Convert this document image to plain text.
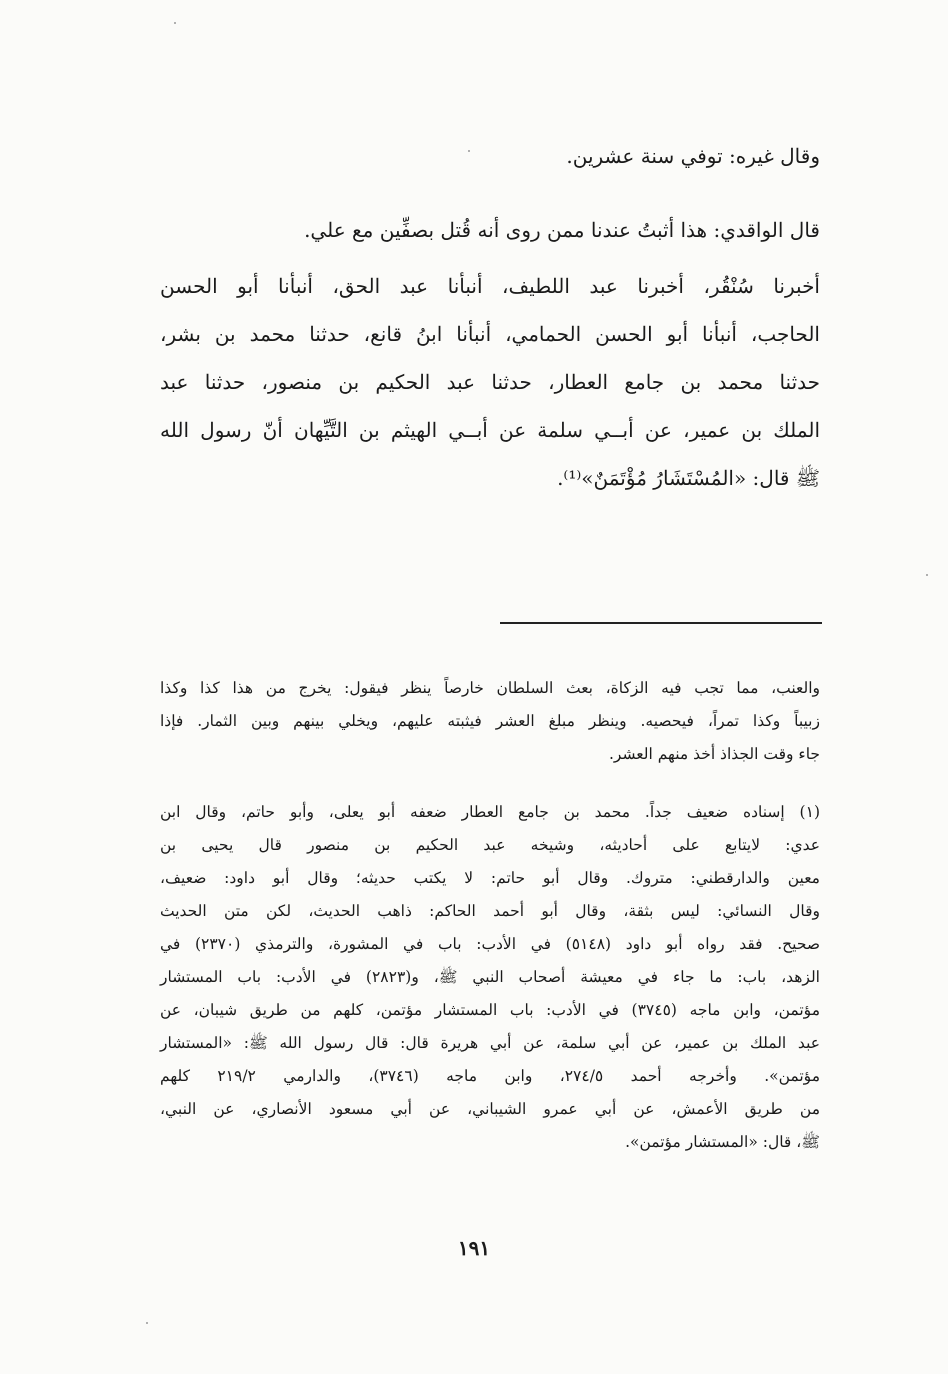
وقال غيره: توفي سنة عشرين.

قال الواقدي: هذا أثبتُ عندنا ممن روى أنه قُتل بصفِّين مع علي.

أخبرنا سُنْقُر، أخبرنا عبد اللطيف، أنبأنا عبد الحق، أنبأنا أبو الحسن
الحاجب، أنبأنا أبو الحسن الحمامي، أنبأنا ابنُ قانع، حدثنا محمد بن بشر،
حدثنا محمد بن جامع العطار، حدثنا عبد الحكيم بن منصور، حدثنا عبد
الملك بن عمير، عن أبــي سلمة عن أبــي الهيثم بن التَّيِّهان أنّ رسول الله
ﷺ قال: «المُسْتَشَارُ مُؤْتَمَنٌ»⁽¹⁾.

والعنب، مما تجب فيه الزكاة، بعث السلطان خارصاً ينظر فيقول: يخرج من هذا كذا وكذا
زبيباً وكذا تمراً، فيحصيه. وينظر مبلغ العشر فيثبته عليهم، ويخلي بينهم وبين الثمار. فإذا
جاء وقت الجذاذ أخذ منهم العشر.

(١) إسناده ضعيف جداً. محمد بن جامع العطار ضعفه أبو يعلى، وأبو حاتم، وقال ابن
عدي: لايتابع على أحاديثه، وشيخه عبد الحكيم بن منصور قال يحيى بن
معين والدارقطني: متروك. وقال أبو حاتم: لا يكتب حديثه؛ وقال أبو داود: ضعيف،
وقال النسائي: ليس بثقة، وقال أبو أحمد الحاكم: ذاهب الحديث، لكن متن الحديث
صحيح. فقد رواه أبو داود (٥١٤٨) في الأدب: باب في المشورة، والترمذي (٢٣٧٠) في
الزهد، باب: ما جاء في معيشة أصحاب النبي ﷺ، و(٢٨٢٣) في الأدب: باب المستشار
مؤتمن، وابن ماجه (٣٧٤٥) في الأدب: باب المستشار مؤتمن، كلهم من طريق شيبان، عن
عبد الملك بن عمير، عن أبي سلمة، عن أبي هريرة قال: قال رسول الله ﷺ: «المستشار
مؤتمن». وأخرجه أحمد ٢٧٤/٥، وابن ماجه (٣٧٤٦)، والدارمي ٢١٩/٢ كلهم
من طريق الأعمش، عن أبي عمرو الشيباني، عن أبي مسعود الأنصاري، عن النبي،
ﷺ، قال: «المستشار مؤتمن».

١٩١
